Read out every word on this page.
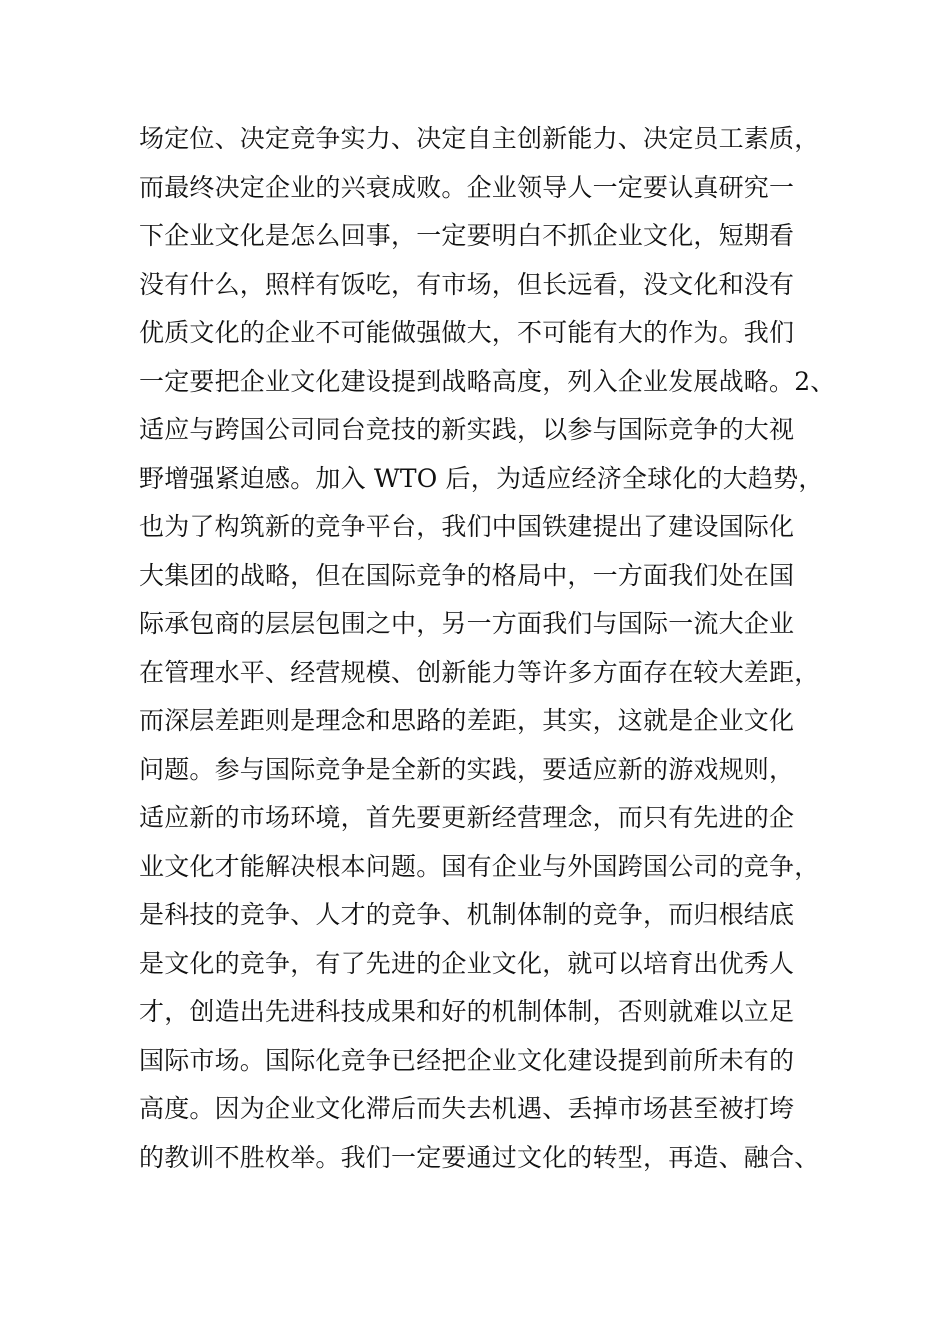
场定位、决定竞争实力、决定自主创新能力、决定员工素质，
而最终决定企业的兴衰成败。企业领导人一定要认真研究一
下企业文化是怎么回事，一定要明白不抓企业文化，短期看
没有什么，照样有饭吃，有市场，但长远看，没文化和没有
优质文化的企业不可能做强做大，不可能有大的作为。我们
一定要把企业文化建设提到战略高度，列入企业发展战略。2、
适应与跨国公司同台竞技的新实践，以参与国际竞争的大视
野增强紧迫感。加入 WTO 后，为适应经济全球化的大趋势，
也为了构筑新的竞争平台，我们中国铁建提出了建设国际化
大集团的战略，但在国际竞争的格局中，一方面我们处在国
际承包商的层层包围之中，另一方面我们与国际一流大企业
在管理水平、经营规模、创新能力等许多方面存在较大差距，
而深层差距则是理念和思路的差距，其实，这就是企业文化
问题。参与国际竞争是全新的实践，要适应新的游戏规则，
适应新的市场环境，首先要更新经营理念，而只有先进的企
业文化才能解决根本问题。国有企业与外国跨国公司的竞争，
是科技的竞争、人才的竞争、机制体制的竞争，而归根结底
是文化的竞争，有了先进的企业文化，就可以培育出优秀人
才，创造出先进科技成果和好的机制体制，否则就难以立足
国际市场。国际化竞争已经把企业文化建设提到前所未有的
高度。因为企业文化滞后而失去机遇、丢掉市场甚至被打垮
的教训不胜枚举。我们一定要通过文化的转型，再造、融合、
